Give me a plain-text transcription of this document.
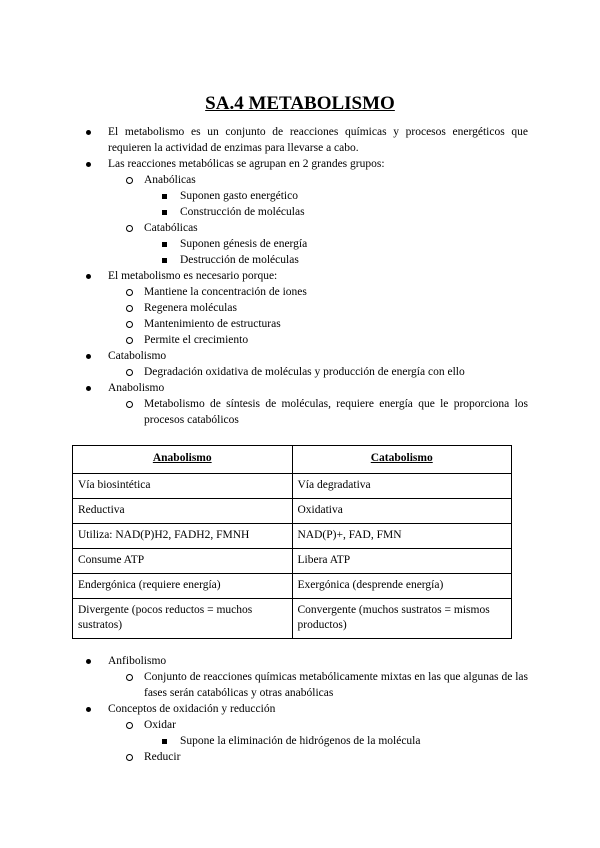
SA.4 METABOLISMO
El metabolismo es un conjunto de reacciones químicas y procesos energéticos que requieren la actividad de enzimas para llevarse a cabo.
Las reacciones metabólicas se agrupan en 2 grandes grupos:
Anabólicas
Suponen gasto energético
Construcción de moléculas
Catabólicas
Suponen génesis de energía
Destrucción de moléculas
El metabolismo es necesario porque:
Mantiene la concentración de iones
Regenera moléculas
Mantenimiento de estructuras
Permite el crecimiento
Catabolismo
Degradación oxidativa de moléculas y producción de energía con ello
Anabolismo
Metabolismo de síntesis de moléculas, requiere energía que le proporciona los procesos catabólicos
Anabolismo	Catabolismo
Vía biosintética	Vía degradativa
Reductiva	Oxidativa
Utiliza: NAD(P)H2, FADH2, FMNH	NAD(P)+, FAD, FMN
Consume ATP	Libera ATP
Endergónica (requiere energía)	Exergónica (desprende energía)
Divergente (pocos reductos = muchos sustratos)	Convergente (muchos sustratos = mismos productos)
Anfibolismo
Conjunto de reacciones químicas metabólicamente mixtas en las que algunas de las fases serán catabólicas y otras anabólicas
Conceptos de oxidación y reducción
Oxidar
Supone la eliminación de hidrógenos de la molécula
Reducir
